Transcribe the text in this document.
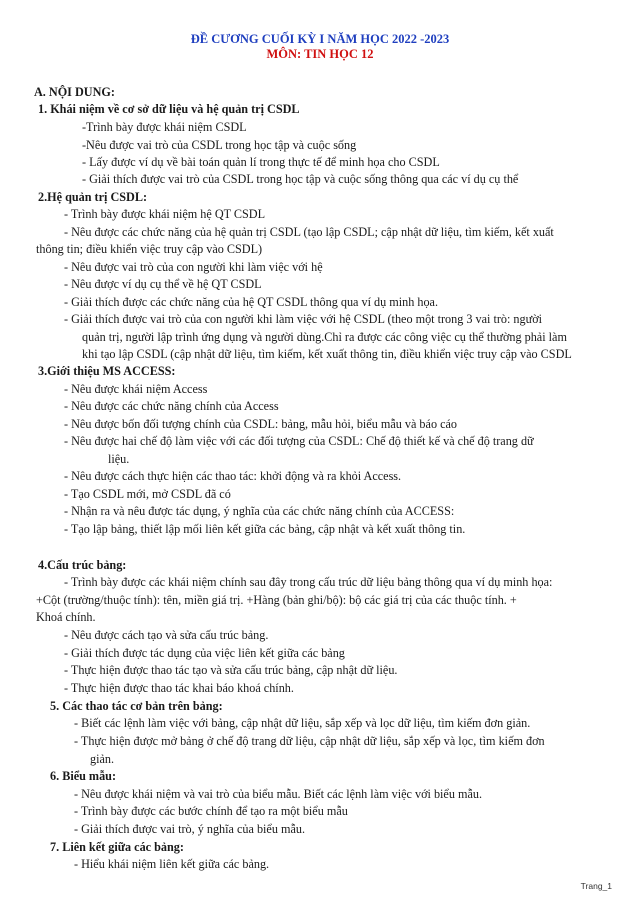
ĐỀ CƯƠNG CUỐI KỲ I NĂM HỌC 2022 -2023
MÔN: TIN HỌC 12
A. NỘI DUNG:
1. Khái niệm về cơ sở dữ liệu và hệ quản trị CSDL
-Trình bày được khái niệm CSDL
-Nêu được vai trò của CSDL trong học tập và cuộc sống
- Lấy được ví dụ về bài toán quản lí trong thực tế để minh họa cho CSDL
- Giải thích được vai trò của CSDL trong học tập và cuộc sống thông qua các ví dụ cụ thể
2.Hệ quản trị CSDL:
- Trình bày được khái niệm hệ QT CSDL
- Nêu được các chức năng của hệ quản trị CSDL (tạo lập CSDL; cập nhật dữ liệu, tìm kiếm, kết xuất
thông tin; điều khiển việc truy cập vào CSDL)
- Nêu được vai trò của con người khi làm việc với hệ
- Nêu được ví dụ cụ thể về hệ QT CSDL
- Giải thích được các chức năng của hệ QT CSDL thông qua ví dụ minh họa.
- Giải thích được vai trò của con người khi làm việc với hệ CSDL (theo một trong 3 vai trò: người
quản trị, người lập trình ứng dụng và người dùng.Chỉ ra được các công việc cụ thể thường phải làm
khi tạo lập CSDL (cập nhật dữ liệu, tìm kiếm, kết xuất thông tin, điều khiển việc truy cập vào CSDL
3.Giới thiệu MS ACCESS:
- Nêu được khái niệm Access
- Nêu được các chức năng chính của Access
- Nêu được bốn đối tượng chính của CSDL: bảng, mẫu hỏi, biểu mẫu và báo cáo
- Nêu được hai chế độ làm việc với các đối tượng của CSDL: Chế độ thiết kế và chế độ trang dữ
liệu.
- Nêu được cách thực hiện các thao tác: khởi động và ra khỏi Access.
- Tạo CSDL mới, mở CSDL đã có
- Nhận ra và nêu được tác dụng, ý nghĩa của các chức năng chính của ACCESS:
- Tạo lập bảng, thiết lập mối liên kết giữa các bảng, cập nhật và kết xuất thông tin.
4.Cấu trúc bảng:
- Trình bày được các khái niệm chính sau đây trong cấu trúc dữ liệu bảng thông qua ví dụ minh họa:
+Cột (trường/thuộc tính): tên, miền giá trị. +Hàng (bản ghi/bộ): bộ các giá trị của các thuộc tính. +
Khoá chính.
- Nêu được cách tạo và sửa cấu trúc bảng.
- Giải thích được tác dụng của việc liên kết giữa các bảng
- Thực hiện được thao tác tạo và sửa cấu trúc bảng, cập nhật dữ liệu.
- Thực hiện được thao tác khai báo khoá chính.
5. Các thao tác cơ bản trên bảng:
- Biết các lệnh làm việc với bảng, cập nhật dữ liệu, sắp xếp và lọc dữ liệu, tìm kiếm đơn giản.
- Thực hiện được mở bảng ở chế độ trang dữ liệu, cập nhật dữ liệu, sắp xếp và lọc, tìm kiếm đơn
giản.
6. Biểu mẫu:
- Nêu được khái niệm và vai trò của biểu mẫu. Biết các lệnh làm việc với biểu mẫu.
- Trình bày được các bước chính để tạo ra một biểu mẫu
- Giải thích được vai trò, ý nghĩa của biểu mẫu.
7. Liên kết giữa các bảng:
- Hiểu khái niệm liên kết giữa các bảng.
Trang_1
